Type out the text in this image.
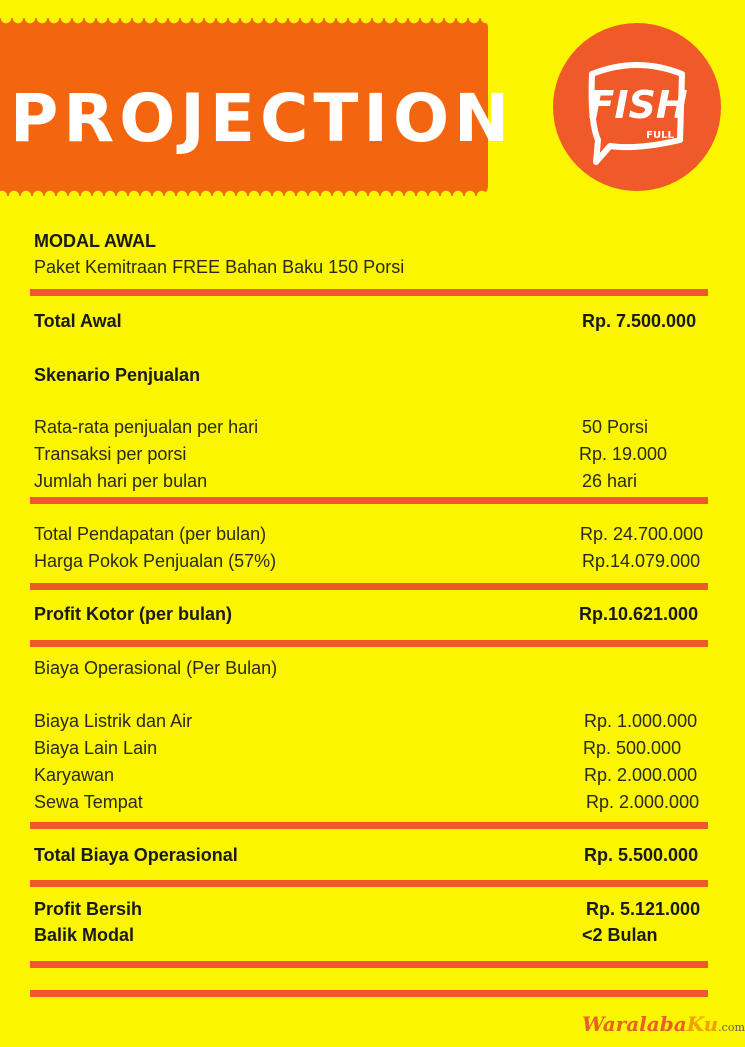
PROJECTION FISH
FULL
MODAL AWAL
Paket Kemitraan FREE Bahan Baku 150 Porsi
Total Awal	Rp. 7.500.000
Skenario Penjualan
Rata-rata penjualan per hari	50 Porsi
Transaksi per porsi	Rp. 19.000
Jumlah hari per bulan	26 hari
Total Pendapatan (per bulan)	Rp. 24.700.000
Harga Pokok Penjualan (57%)	Rp.14.079.000
Profit Kotor (per bulan)	Rp.10.621.000
Biaya Operasional (Per Bulan)
Biaya Listrik dan Air	Rp. 1.000.000
Biaya Lain Lain	Rp. 500.000
Karyawan	Rp. 2.000.000
Sewa Tempat	Rp. 2.000.000
Total Biaya Operasional	Rp. 5.500.000
Profit Bersih	Rp. 5.121.000
Balik Modal	<2 Bulan
WaralabaKu.com
